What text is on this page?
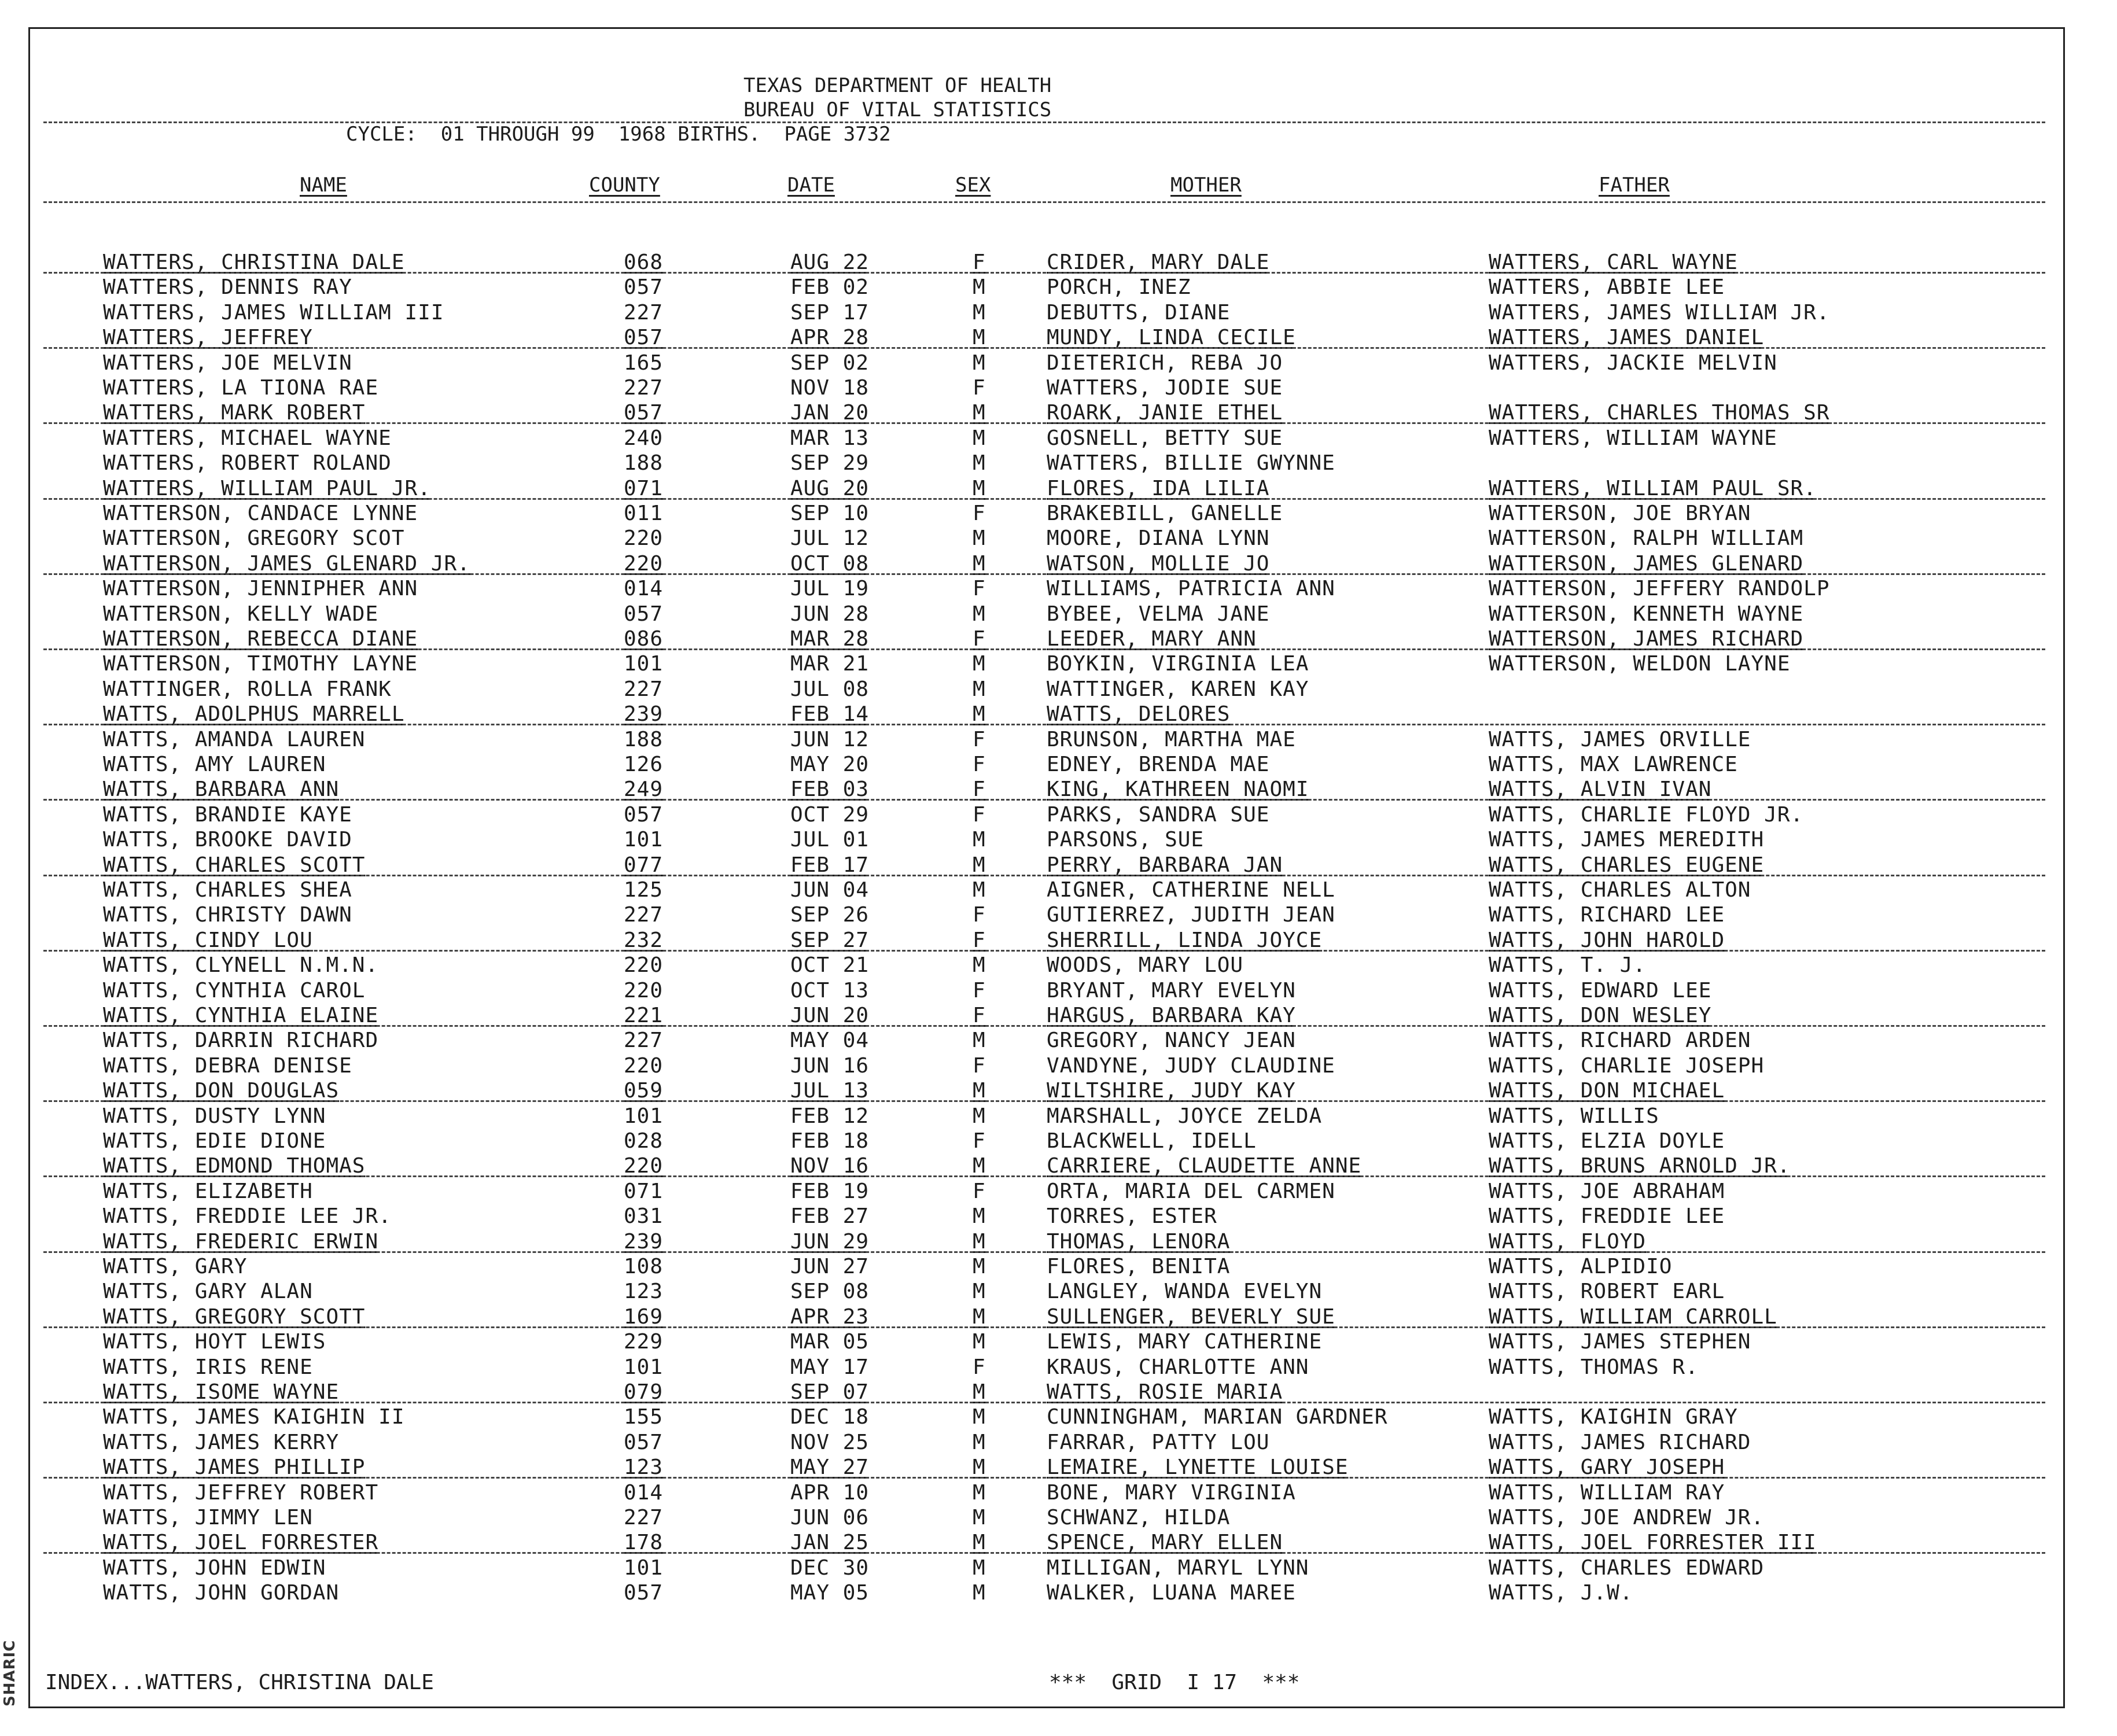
SHARIC
TEXAS DEPARTMENT OF HEALTH
BUREAU OF VITAL STATISTICS
CYCLE:  01 THROUGH 99  1968 BIRTHS.  PAGE 3732
NAME	COUNTY	DATE	SEX	MOTHER	FATHER
WATTERS, CHRISTINA DALE	068	AUG 22	F	CRIDER, MARY DALE	WATTERS, CARL WAYNE
WATTERS, DENNIS RAY	057	FEB 02	M	PORCH, INEZ	WATTERS, ABBIE LEE
WATTERS, JAMES WILLIAM III	227	SEP 17	M	DEBUTTS, DIANE	WATTERS, JAMES WILLIAM JR.
WATTERS, JEFFREY	057	APR 28	M	MUNDY, LINDA CECILE	WATTERS, JAMES DANIEL
WATTERS, JOE MELVIN	165	SEP 02	M	DIETERICH, REBA JO	WATTERS, JACKIE MELVIN
WATTERS, LA TIONA RAE	227	NOV 18	F	WATTERS, JODIE SUE
WATTERS, MARK ROBERT	057	JAN 20	M	ROARK, JANIE ETHEL	WATTERS, CHARLES THOMAS SR
WATTERS, MICHAEL WAYNE	240	MAR 13	M	GOSNELL, BETTY SUE	WATTERS, WILLIAM WAYNE
WATTERS, ROBERT ROLAND	188	SEP 29	M	WATTERS, BILLIE GWYNNE
WATTERS, WILLIAM PAUL JR.	071	AUG 20	M	FLORES, IDA LILIA	WATTERS, WILLIAM PAUL SR.
WATTERSON, CANDACE LYNNE	011	SEP 10	F	BRAKEBILL, GANELLE	WATTERSON, JOE BRYAN
WATTERSON, GREGORY SCOT	220	JUL 12	M	MOORE, DIANA LYNN	WATTERSON, RALPH WILLIAM
WATTERSON, JAMES GLENARD JR.	220	OCT 08	M	WATSON, MOLLIE JO	WATTERSON, JAMES GLENARD
WATTERSON, JENNIPHER ANN	014	JUL 19	F	WILLIAMS, PATRICIA ANN	WATTERSON, JEFFERY RANDOLP
WATTERSON, KELLY WADE	057	JUN 28	M	BYBEE, VELMA JANE	WATTERSON, KENNETH WAYNE
WATTERSON, REBECCA DIANE	086	MAR 28	F	LEEDER, MARY ANN	WATTERSON, JAMES RICHARD
WATTERSON, TIMOTHY LAYNE	101	MAR 21	M	BOYKIN, VIRGINIA LEA	WATTERSON, WELDON LAYNE
WATTINGER, ROLLA FRANK	227	JUL 08	M	WATTINGER, KAREN KAY
WATTS, ADOLPHUS MARRELL	239	FEB 14	M	WATTS, DELORES
WATTS, AMANDA LAUREN	188	JUN 12	F	BRUNSON, MARTHA MAE	WATTS, JAMES ORVILLE
WATTS, AMY LAUREN	126	MAY 20	F	EDNEY, BRENDA MAE	WATTS, MAX LAWRENCE
WATTS, BARBARA ANN	249	FEB 03	F	KING, KATHREEN NAOMI	WATTS, ALVIN IVAN
WATTS, BRANDIE KAYE	057	OCT 29	F	PARKS, SANDRA SUE	WATTS, CHARLIE FLOYD JR.
WATTS, BROOKE DAVID	101	JUL 01	M	PARSONS, SUE	WATTS, JAMES MEREDITH
WATTS, CHARLES SCOTT	077	FEB 17	M	PERRY, BARBARA JAN	WATTS, CHARLES EUGENE
WATTS, CHARLES SHEA	125	JUN 04	M	AIGNER, CATHERINE NELL	WATTS, CHARLES ALTON
WATTS, CHRISTY DAWN	227	SEP 26	F	GUTIERREZ, JUDITH JEAN	WATTS, RICHARD LEE
WATTS, CINDY LOU	232	SEP 27	F	SHERRILL, LINDA JOYCE	WATTS, JOHN HAROLD
WATTS, CLYNELL N.M.N.	220	OCT 21	M	WOODS, MARY LOU	WATTS, T. J.
WATTS, CYNTHIA CAROL	220	OCT 13	F	BRYANT, MARY EVELYN	WATTS, EDWARD LEE
WATTS, CYNTHIA ELAINE	221	JUN 20	F	HARGUS, BARBARA KAY	WATTS, DON WESLEY
WATTS, DARRIN RICHARD	227	MAY 04	M	GREGORY, NANCY JEAN	WATTS, RICHARD ARDEN
WATTS, DEBRA DENISE	220	JUN 16	F	VANDYNE, JUDY CLAUDINE	WATTS, CHARLIE JOSEPH
WATTS, DON DOUGLAS	059	JUL 13	M	WILTSHIRE, JUDY KAY	WATTS, DON MICHAEL
WATTS, DUSTY LYNN	101	FEB 12	M	MARSHALL, JOYCE ZELDA	WATTS, WILLIS
WATTS, EDIE DIONE	028	FEB 18	F	BLACKWELL, IDELL	WATTS, ELZIA DOYLE
WATTS, EDMOND THOMAS	220	NOV 16	M	CARRIERE, CLAUDETTE ANNE	WATTS, BRUNS ARNOLD JR.
WATTS, ELIZABETH	071	FEB 19	F	ORTA, MARIA DEL CARMEN	WATTS, JOE ABRAHAM
WATTS, FREDDIE LEE JR.	031	FEB 27	M	TORRES, ESTER	WATTS, FREDDIE LEE
WATTS, FREDERIC ERWIN	239	JUN 29	M	THOMAS, LENORA	WATTS, FLOYD
WATTS, GARY	108	JUN 27	M	FLORES, BENITA	WATTS, ALPIDIO
WATTS, GARY ALAN	123	SEP 08	M	LANGLEY, WANDA EVELYN	WATTS, ROBERT EARL
WATTS, GREGORY SCOTT	169	APR 23	M	SULLENGER, BEVERLY SUE	WATTS, WILLIAM CARROLL
WATTS, HOYT LEWIS	229	MAR 05	M	LEWIS, MARY CATHERINE	WATTS, JAMES STEPHEN
WATTS, IRIS RENE	101	MAY 17	F	KRAUS, CHARLOTTE ANN	WATTS, THOMAS R.
WATTS, ISOME WAYNE	079	SEP 07	M	WATTS, ROSIE MARIA
WATTS, JAMES KAIGHIN II	155	DEC 18	M	CUNNINGHAM, MARIAN GARDNER	WATTS, KAIGHIN GRAY
WATTS, JAMES KERRY	057	NOV 25	M	FARRAR, PATTY LOU	WATTS, JAMES RICHARD
WATTS, JAMES PHILLIP	123	MAY 27	M	LEMAIRE, LYNETTE LOUISE	WATTS, GARY JOSEPH
WATTS, JEFFREY ROBERT	014	APR 10	M	BONE, MARY VIRGINIA	WATTS, WILLIAM RAY
WATTS, JIMMY LEN	227	JUN 06	M	SCHWANZ, HILDA	WATTS, JOE ANDREW JR.
WATTS, JOEL FORRESTER	178	JAN 25	M	SPENCE, MARY ELLEN	WATTS, JOEL FORRESTER III
WATTS, JOHN EDWIN	101	DEC 30	M	MILLIGAN, MARYL LYNN	WATTS, CHARLES EDWARD
WATTS, JOHN GORDAN	057	MAY 05	M	WALKER, LUANA MAREE	WATTS, J.W.
INDEX...WATTERS, CHRISTINA DALE	***  GRID  I 17  ***
